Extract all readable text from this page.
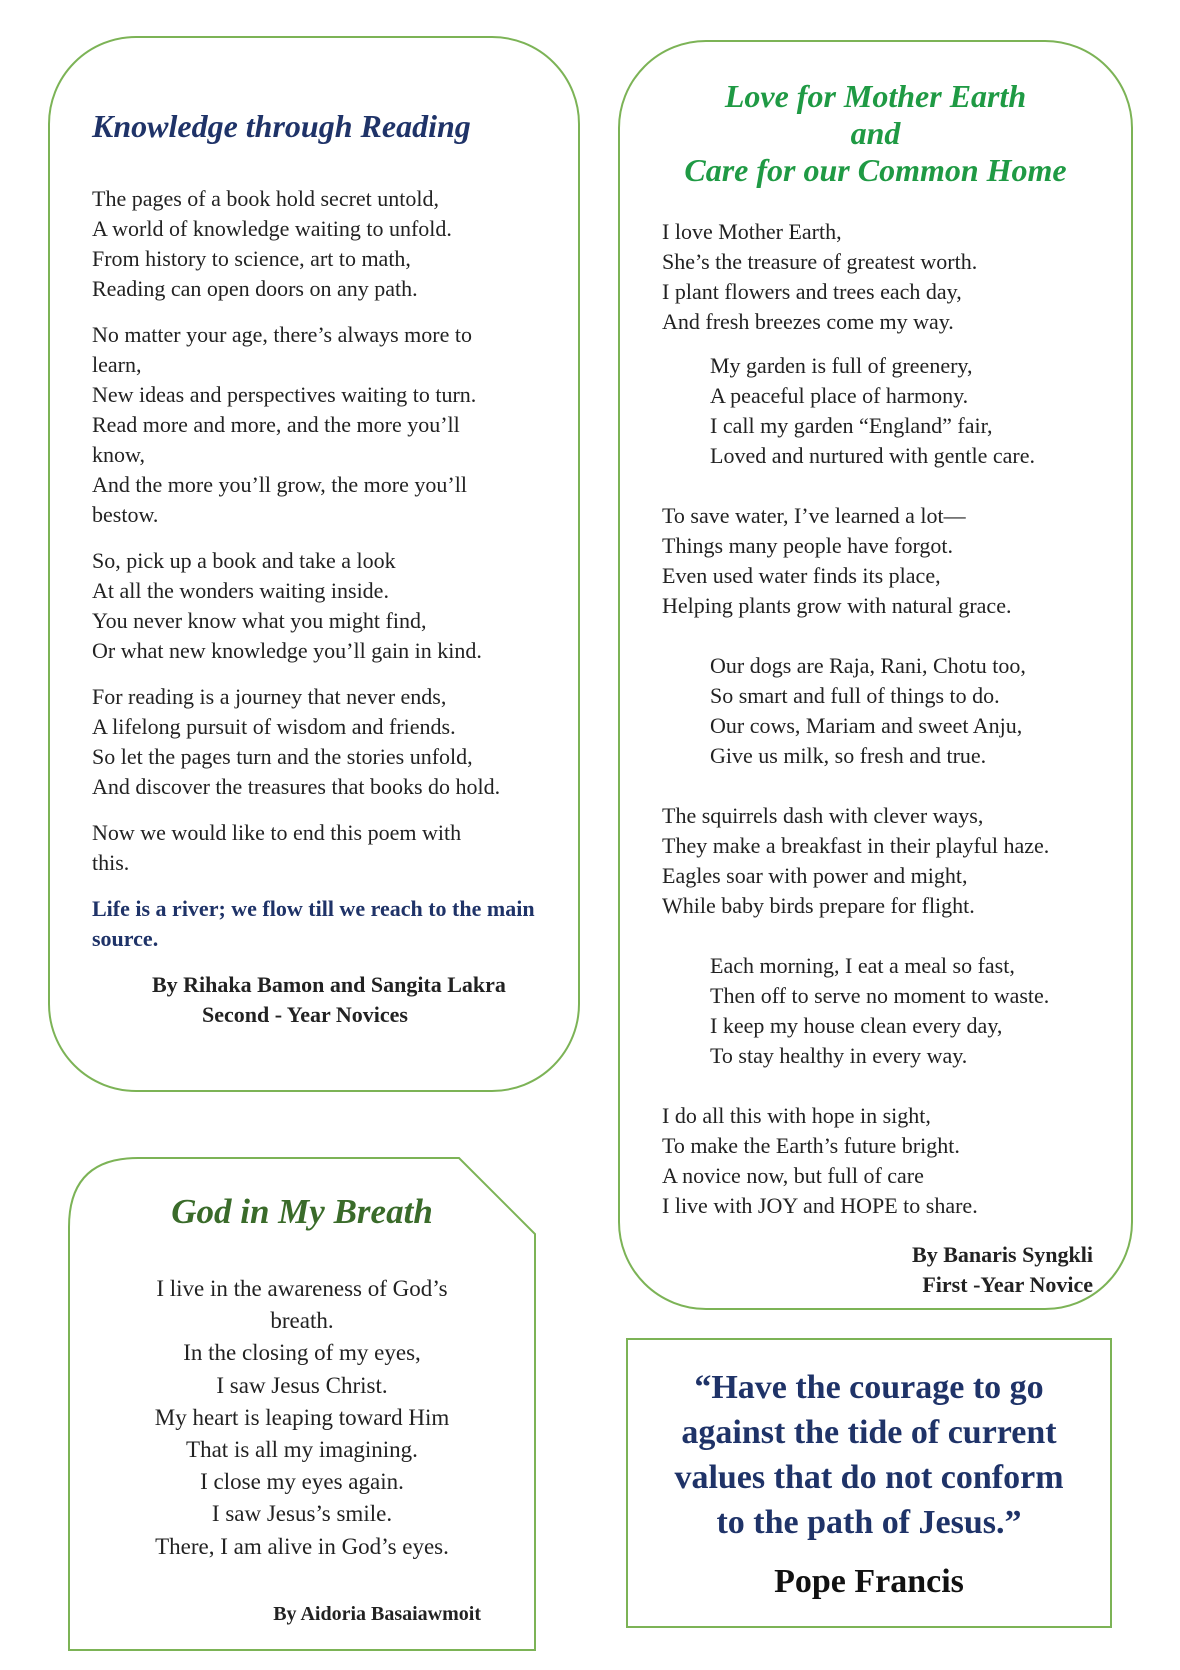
Knowledge through Reading

The pages of a book hold secret untold,
A world of knowledge waiting to unfold.
From history to science, art to math,
Reading can open doors on any path.

No matter your age, there’s always more to
learn,
New ideas and perspectives waiting to turn.
Read more and more, and the more you’ll
know,
And the more you’ll grow, the more you’ll
bestow.

So, pick up a book and take a look
At all the wonders waiting inside.
You never know what you might find,
Or what new knowledge you’ll gain in kind.

For reading is a journey that never ends,
A lifelong pursuit of wisdom and friends.
So let the pages turn and the stories unfold,
And discover the treasures that books do hold.

Now we would like to end this poem with
this.

Life is a river; we flow till we reach to the main source.

By Rihaka Bamon and Sangita Lakra
Second - Year Novices
Love for Mother Earth
and
Care for our Common Home

I love Mother Earth,
She’s the treasure of greatest worth.
I plant flowers and trees each day,
And fresh breezes come my way.

My garden is full of greenery,
A peaceful place of harmony.
I call my garden “England” fair,
Loved and nurtured with gentle care.

To save water, I’ve learned a lot—
Things many people have forgot.
Even used water finds its place,
Helping plants grow with natural grace.

Our dogs are Raja, Rani, Chotu too,
So smart and full of things to do.
Our cows, Mariam and sweet Anju,
Give us milk, so fresh and true.

The squirrels dash with clever ways,
They make a breakfast in their playful haze.
Eagles soar with power and might,
While baby birds prepare for flight.

Each morning, I eat a meal so fast,
Then off to serve no moment to waste.
I keep my house clean every day,
To stay healthy in every way.

I do all this with hope in sight,
To make the Earth’s future bright.
A novice now, but full of care
I live with JOY and HOPE to share.

By Banaris Syngkli
First -Year Novice
God in My Breath
I live in the awareness of God’s
breath.
In the closing of my eyes,
I saw Jesus Christ.
My heart is leaping toward Him
That is all my imagining.
I close my eyes again.
I saw Jesus’s smile.
There, I am alive in God’s eyes.
By Aidoria Basaiawmoit

“Have the courage to go
against the tide of current
values that do not conform
to the path of Jesus.”

Pope Francis
